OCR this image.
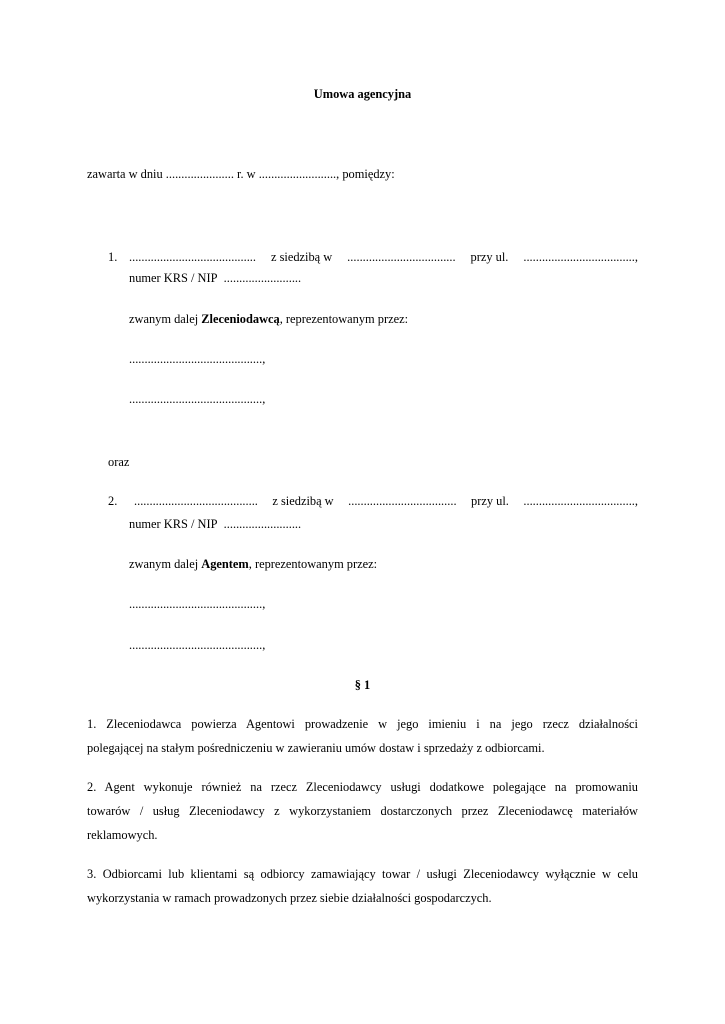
Umowa agencyjna
zawarta w dniu ...................... r. w ........................., pomiędzy:
1. ......................................... z siedzibą w ................................... przy ul. ....................................,
numer KRS / NIP .........................
zwanym dalej Zleceniodawcą, reprezentowanym przez:
...........................................,
...........................................,
oraz
2. ........................................ z siedzibą w ................................... przy ul. ....................................,
numer KRS / NIP .........................
zwanym dalej Agentem, reprezentowanym przez:
...........................................,
...........................................,
§ 1
1. Zleceniodawca powierza Agentowi prowadzenie w jego imieniu i na jego rzecz działalności
polegającej na stałym pośredniczeniu w zawieraniu umów dostaw i sprzedaży z odbiorcami.
2. Agent wykonuje również na rzecz Zleceniodawcy usługi dodatkowe polegające na promowaniu
towarów / usług Zleceniodawcy z wykorzystaniem dostarczonych przez Zleceniodawcę materiałów
reklamowych.
3. Odbiorcami lub klientami są odbiorcy zamawiający towar / usługi Zleceniodawcy wyłącznie w celu
wykorzystania w ramach prowadzonych przez siebie działalności gospodarczych.
